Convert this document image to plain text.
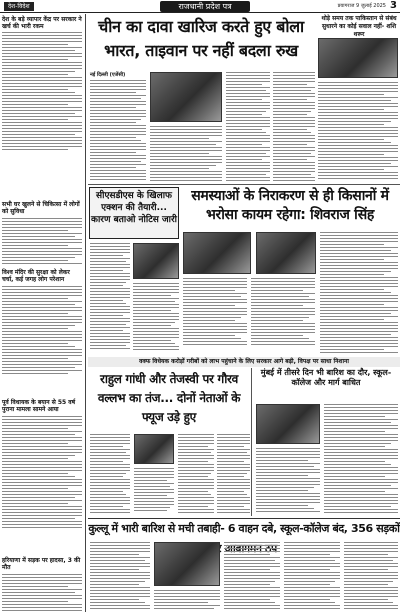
देश-विदेश	राजधानी प्रदेश पत्र	प्रयागराज 9 जुलाई 2025 3
देश के बड़े व्यापार केंद्र पर सरकार ने खर्च की भारी रकम
सभी घर खुलने से चिकित्सा में लोगों को सुविधा
विश्व मंदिर की सुरक्षा को लेकर चर्चा, कई जगह लोग परेशान
पूर्व विधायक के बयान से 55 वर्ष पुराना मामला सामने आया
हरियाणा में सड़क पर हादसा, 3 की मौत
चीन का दावा खारिज करते हुए बोला
भारत, ताइवान पर नहीं बदला रुख
थोड़े समय तक पाकिस्तान से संबंध सुधारने का कोई सवाल नहीं- शशि थरूर
नई दिल्ली (एजेंसी)
सीएसडीएस के खिलाफ एक्शन की तैयारी... कारण बताओ नोटिस जारी
समस्याओं के निराकरण से ही किसानों में भरोसा कायम रहेगा: शिवराज सिंह
वक्फ विधेयक करोड़ों गरीबों को लाभ पहुंचाने के लिए सरकार आगे बढ़ी, विपक्ष पर साधा निशाना
राहुल गांधी और तेजस्वी पर गौरव वल्लभ का तंज... दोनों नेताओं के फ्यूज उड़े हुए
मुंबई में तीसरे दिन भी बारिश का दौर, स्कूल-कॉलेज और मार्ग बाधित
कुल्लू में भारी बारिश से मची तबाही- 6 वाहन दबे, स्कूल-कॉलेज बंद, 356 सड़कों
